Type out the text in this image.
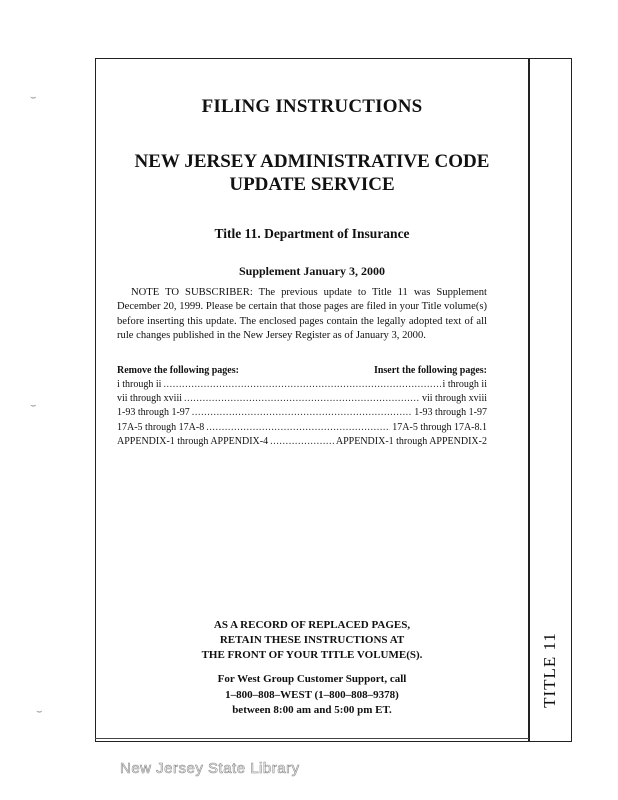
⌣
⌣
⌣
FILING INSTRUCTIONS
NEW JERSEY ADMINISTRATIVE CODE
UPDATE SERVICE
Title 11. Department of Insurance
Supplement January 3, 2000

NOTE TO SUBSCRIBER: The previous update to Title 11 was Supplement December 20, 1999. Please be certain that those pages are filed in your Title volume(s) before inserting this update. The enclosed pages contain the legally adopted text of all rule changes published in the New Jersey Register as of January 3, 2000.

Remove the following pages:	Insert the following pages:
i through ii .....	i through ii
vii through xviii .....	vii through xviii
1-93 through 1-97 .....	1-93 through 1-97
17A-5 through 17A-8 .....	17A-5 through 17A-8.1
APPENDIX-1 through APPENDIX-4 .....	APPENDIX-1 through APPENDIX-2
AS A RECORD OF REPLACED PAGES,
RETAIN THESE INSTRUCTIONS AT
THE FRONT OF YOUR TITLE VOLUME(S).
For West Group Customer Support, call
1–800–808–WEST (1–800–808–9378)
between 8:00 am and 5:00 pm ET.
TITLE 11
New Jersey State Library
